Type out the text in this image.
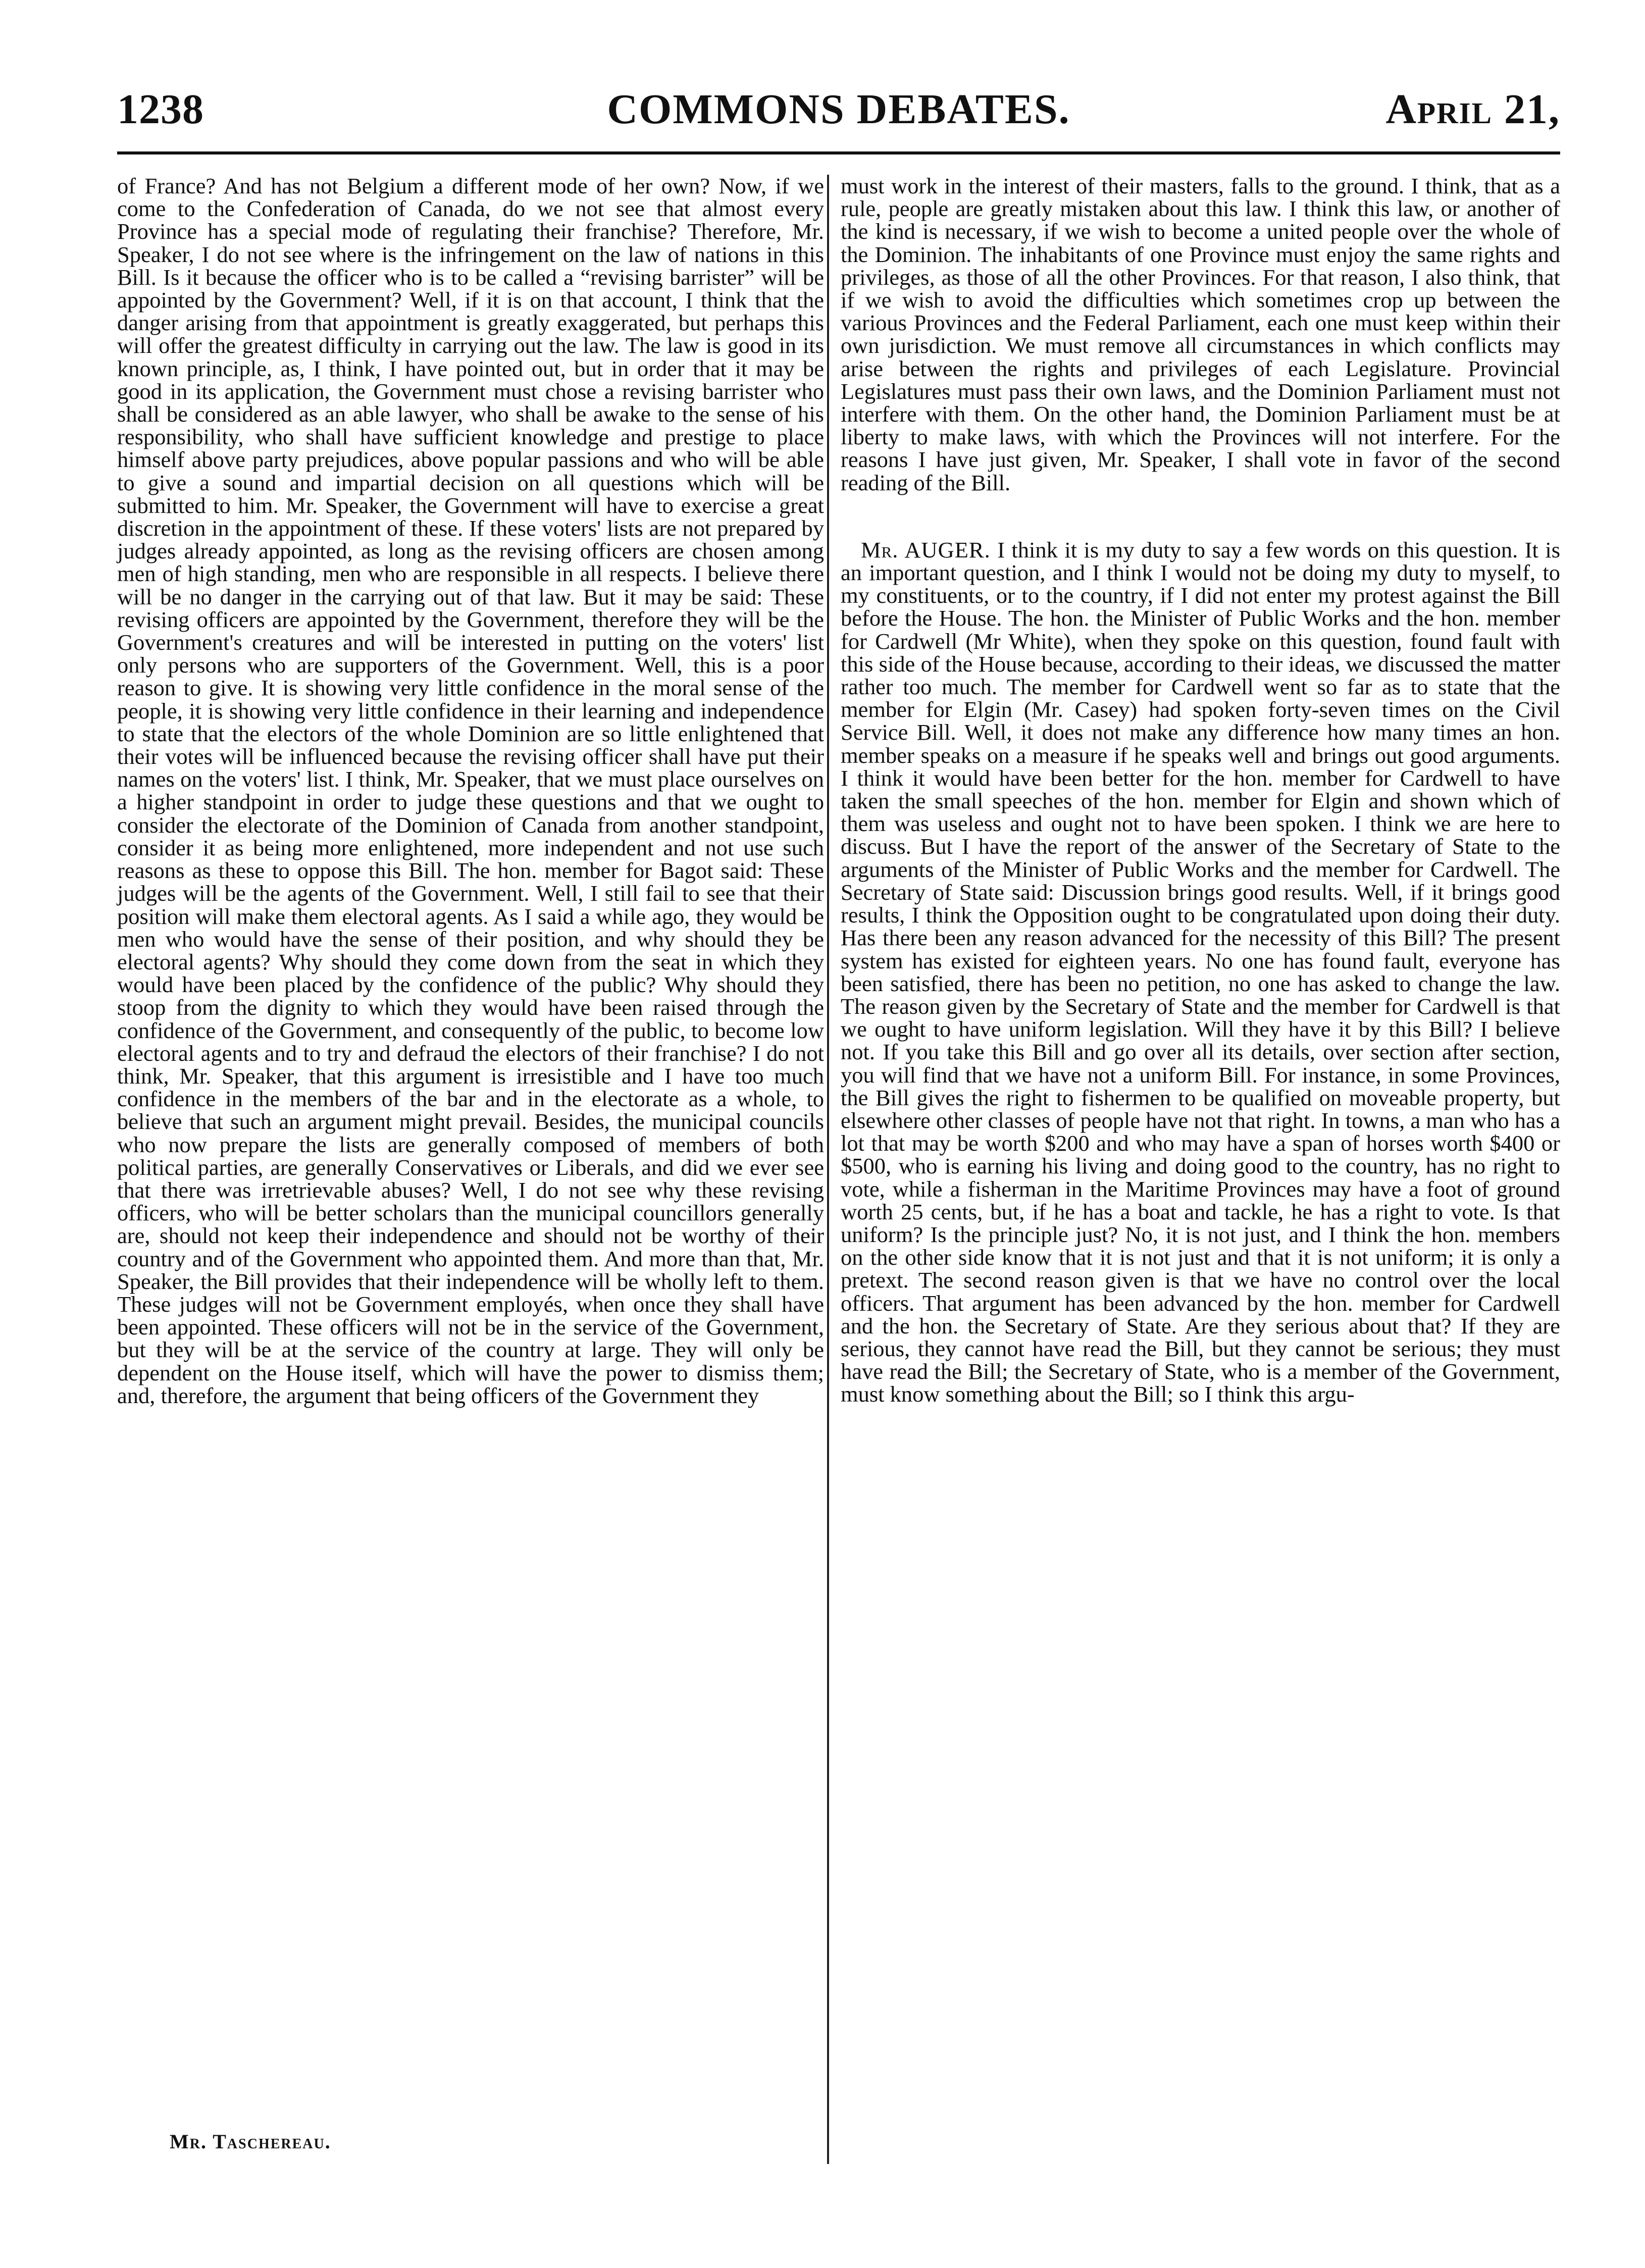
1238	COMMONS DEBATES.	April 21,

of France? And has not Belgium a different mode of her own? Now, if we come to the Confederation of Canada, do we not see that almost every Province has a special mode of regulating their franchise? Therefore, Mr. Speaker, I do not see where is the infringement on the law of nations in this Bill. Is it because the officer who is to be called a “revising barrister” will be appointed by the Government? Well, if it is on that account, I think that the danger arising from that appointment is greatly exaggerated, but perhaps this will offer the greatest difficulty in carrying out the law. The law is good in its known principle, as, I think, I have pointed out, but in order that it may be good in its application, the Government must chose a revising barrister who shall be considered as an able lawyer, who shall be awake to the sense of his responsibility, who shall have sufficient knowledge and prestige to place himself above party prejudices, above popular passions and who will be able to give a sound and impartial decision on all questions which will be submitted to him. Mr. Speaker, the Government will have to exercise a great discretion in the appointment of these. If these voters' lists are not prepared by judges already appointed, as long as the revising officers are chosen among men of high standing, men who are responsible in all respects. I believe there will be no danger in the carrying out of that law. But it may be said: These revising officers are appointed by the Government, therefore they will be the Government's creatures and will be interested in putting on the voters' list only persons who are supporters of the Government. Well, this is a poor reason to give. It is showing very little confidence in the moral sense of the people, it is showing very little confidence in their learning and independence to state that the electors of the whole Dominion are so little enlightened that their votes will be influenced because the revising officer shall have put their names on the voters' list. I think, Mr. Speaker, that we must place ourselves on a higher standpoint in order to judge these questions and that we ought to consider the electorate of the Dominion of Canada from another standpoint, consider it as being more enlightened, more independent and not use such reasons as these to oppose this Bill. The hon. member for Bagot said: These judges will be the agents of the Government. Well, I still fail to see that their position will make them electoral agents. As I said a while ago, they would be men who would have the sense of their position, and why should they be electoral agents? Why should they come down from the seat in which they would have been placed by the confidence of the public? Why should they stoop from the dignity to which they would have been raised through the confidence of the Government, and consequently of the public, to become low electoral agents and to try and defraud the electors of their franchise? I do not think, Mr. Speaker, that this argument is irresistible and I have too much confidence in the members of the bar and in the electorate as a whole, to believe that such an argument might prevail. Besides, the municipal councils who now prepare the lists are generally composed of members of both political parties, are generally Conservatives or Liberals, and did we ever see that there was irretrievable abuses? Well, I do not see why these revising officers, who will be better scholars than the municipal councillors generally are, should not keep their independence and should not be worthy of their country and of the Government who appointed them. And more than that, Mr. Speaker, the Bill provides that their independence will be wholly left to them. These judges will not be Government employés, when once they shall have been appointed. These officers will not be in the service of the Government, but they will be at the service of the country at large. They will only be dependent on the House itself, which will have the power to dismiss them; and, therefore, the argument that being officers of the Government they

must work in the interest of their masters, falls to the ground. I think, that as a rule, people are greatly mistaken about this law. I think this law, or another of the kind is necessary, if we wish to become a united people over the whole of the Dominion. The inhabitants of one Province must enjoy the same rights and privileges, as those of all the other Provinces. For that reason, I also think, that if we wish to avoid the difficulties which sometimes crop up between the various Provinces and the Federal Parliament, each one must keep within their own jurisdiction. We must remove all circumstances in which conflicts may arise between the rights and privileges of each Legislature. Provincial Legislatures must pass their own laws, and the Dominion Parliament must not interfere with them. On the other hand, the Dominion Parliament must be at liberty to make laws, with which the Provinces will not interfere. For the reasons I have just given, Mr. Speaker, I shall vote in favor of the second reading of the Bill.

Mr. AUGER. I think it is my duty to say a few words on this question. It is an important question, and I think I would not be doing my duty to myself, to my constituents, or to the country, if I did not enter my protest against the Bill before the House. The hon. the Minister of Public Works and the hon. member for Cardwell (Mr White), when they spoke on this question, found fault with this side of the House because, according to their ideas, we discussed the matter rather too much. The member for Cardwell went so far as to state that the member for Elgin (Mr. Casey) had spoken forty-seven times on the Civil Service Bill. Well, it does not make any difference how many times an hon. member speaks on a measure if he speaks well and brings out good arguments. I think it would have been better for the hon. member for Cardwell to have taken the small speeches of the hon. member for Elgin and shown which of them was useless and ought not to have been spoken. I think we are here to discuss. But I have the report of the answer of the Secretary of State to the arguments of the Minister of Public Works and the member for Cardwell. The Secretary of State said: Discussion brings good results. Well, if it brings good results, I think the Opposition ought to be congratulated upon doing their duty. Has there been any reason advanced for the necessity of this Bill? The present system has existed for eighteen years. No one has found fault, everyone has been satisfied, there has been no petition, no one has asked to change the law. The reason given by the Secretary of State and the member for Cardwell is that we ought to have uniform legislation. Will they have it by this Bill? I believe not. If you take this Bill and go over all its details, over section after section, you will find that we have not a uniform Bill. For instance, in some Provinces, the Bill gives the right to fishermen to be qualified on moveable property, but elsewhere other classes of people have not that right. In towns, a man who has a lot that may be worth $200 and who may have a span of horses worth $400 or $500, who is earning his living and doing good to the country, has no right to vote, while a fisherman in the Maritime Provinces may have a foot of ground worth 25 cents, but, if he has a boat and tackle, he has a right to vote. Is that uniform? Is the principle just? No, it is not just, and I think the hon. members on the other side know that it is not just and that it is not uniform; it is only a pretext. The second reason given is that we have no control over the local officers. That argument has been advanced by the hon. member for Cardwell and the hon. the Secretary of State. Are they serious about that? If they are serious, they cannot have read the Bill, but they cannot be serious; they must have read the Bill; the Secretary of State, who is a member of the Government, must know something about the Bill; so I think this argu-

Mr. Taschereau.
